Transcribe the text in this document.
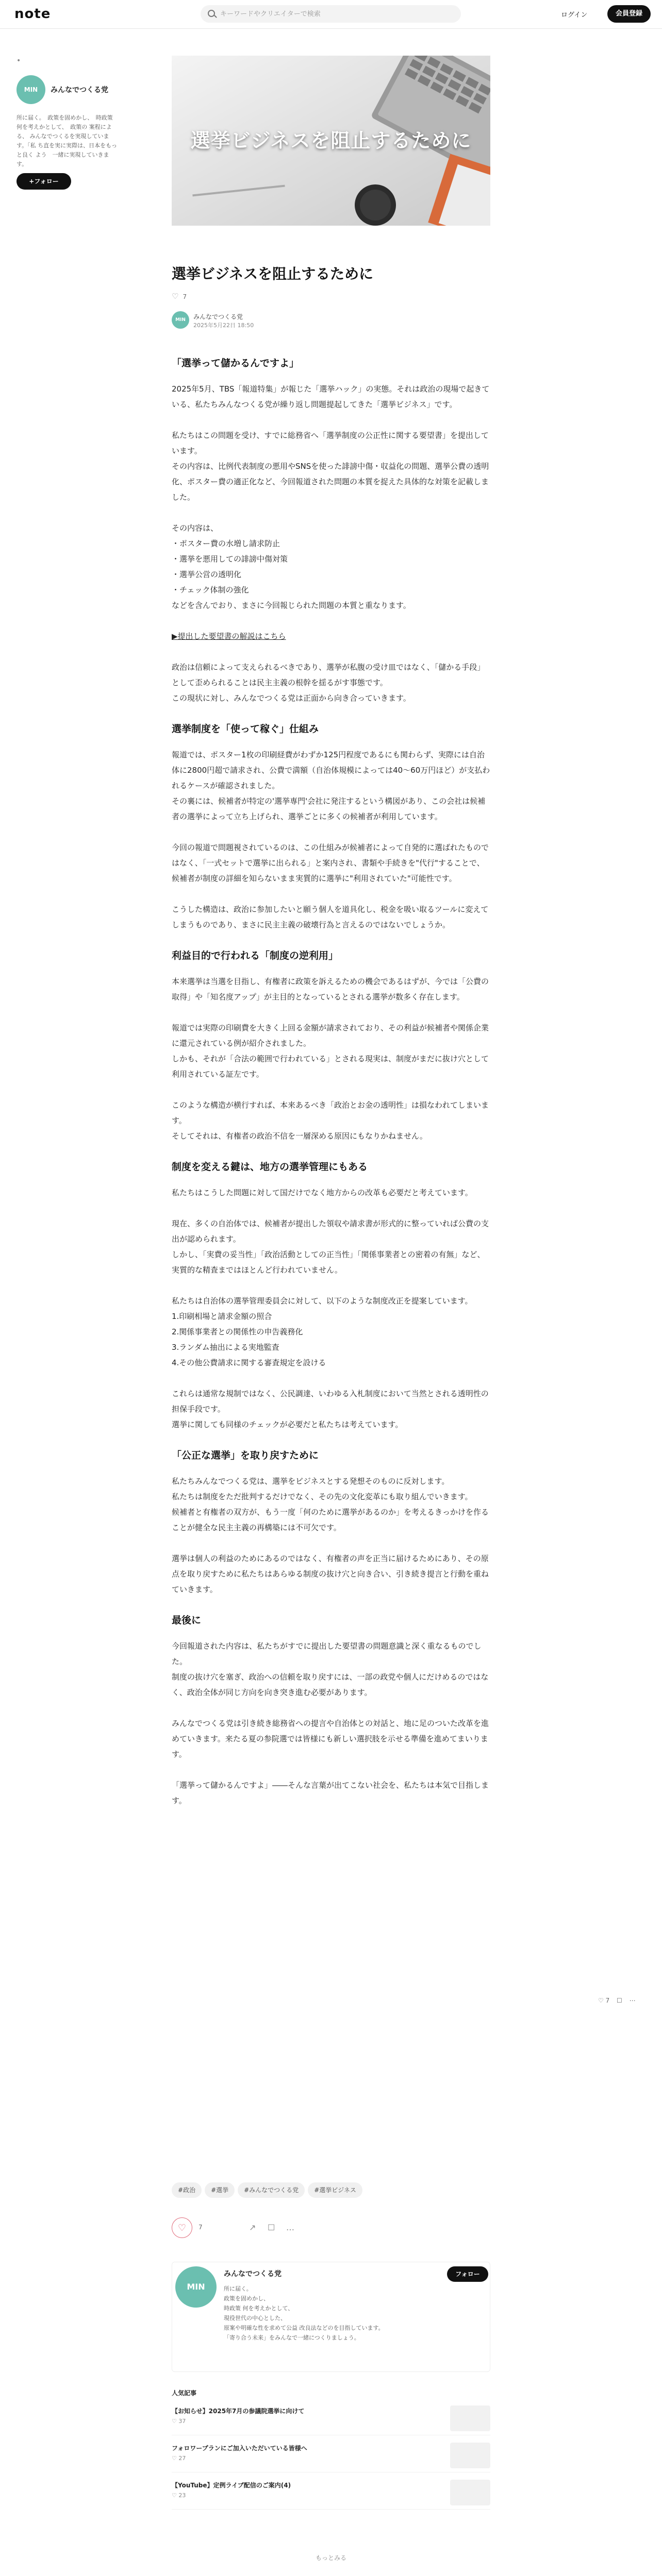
note
キーワードやクリエイターで検索	ログイン	会員登録
•
MIN	みんなでつくる党
所に届く。　政策を固めかし、　時政策 何を考えかとして、　政策の 案程による、 みんなでつくるを実現しています。「私 ち直を実に実際は、日本をもっと良く よう　一緒に実現していきます。
+フォロー
選挙ビジネスを阻止するために
選挙ビジネスを阻止するために
♡ 7
MIN	みんなでつくる党
2025年5月22日 18:50
「選挙って儲かるんですよ」

2025年5月、TBS「報道特集」が報じた「選挙ハック」の実態。それは政治の現場で起きている、私たちみんなつくる党が繰り返し問題提起してきた「選挙ビジネス」です。

私たちはこの問題を受け、すでに総務省へ「選挙制度の公正性に関する要望書」を提出しています。
その内容は、比例代表制度の悪用やSNSを使った誹謗中傷・収益化の問題、選挙公費の透明化、ポスター費の適正化など、今回報道された問題の本質を捉えた具体的な対策を記載しました。

その内容は、
・ポスター費の水増し請求防止
・選挙を悪用しての誹謗中傷対策
・選挙公営の透明化
・チェック体制の強化
などを含んでおり、まさに今回報じられた問題の本質と重なります。

▶提出した要望書の解説はこちら

政治は信頼によって支えられるべきであり、選挙が私腹の受け皿ではなく、「儲かる手段」として歪められることは民主主義の根幹を揺るがす事態です。
この現状に対し、みんなでつくる党は正面から向き合っていきます。

選挙制度を「使って稼ぐ」仕組み

報道では、ポスター1枚の印刷経費がわずか125円程度であるにも関わらず、実際には自治体に2800円超で請求され、公費で満額（自治体規模によっては40〜60万円ほど）が支払われるケースが確認されました。
その裏には、候補者が特定の'選挙専門'会社に発注するという構図があり、この会社は候補者の選挙によって立ち上げられ、選挙ごとに多くの候補者が利用しています。

今回の報道で問題視されているのは、この仕組みが候補者によって自発的に選ばれたものではなく、「一式セットで選挙に出られる」と案内され、書類や手続きを"代行"することで、候補者が制度の詳細を知らないまま実質的に選挙に"利用されていた"可能性です。

こうした構造は、政治に参加したいと願う個人を道具化し、税金を吸い取るツールに変えてしまうものであり、まさに民主主義の破壊行為と言えるのではないでしょうか。

利益目的で行われる「制度の逆利用」

本来選挙は当選を目指し、有権者に政策を訴えるための機会であるはずが、今では「公費の取得」や「知名度アップ」が主目的となっているとされる選挙が数多く存在します。

報道では実際の印刷費を大きく上回る金額が請求されており、その利益が候補者や関係企業に還元されている例が紹介されました。
しかも、それが「合法の範囲で行われている」とされる現実は、制度がまだに抜け穴として利用されている証左です。

このような構造が横行すれば、本来あるべき「政治とお金の透明性」は損なわれてしまいます。
そしてそれは、有権者の政治不信を一層深める原因にもなりかねません。

制度を変える鍵は、地方の選挙管理にもある

私たちはこうした問題に対して国だけでなく地方からの改革も必要だと考えています。

現在、多くの自治体では、候補者が提出した領収や請求書が形式的に整っていれば公費の支出が認められます。
しかし、「実費の妥当性」「政治活動としての正当性」「関係事業者との密着の有無」など、実質的な精査まではほとんど行われていません。

私たちは自治体の選挙管理委員会に対して、以下のような制度改正を提案しています。
1.印刷相場と請求金額の照合
2.関係事業者との関係性の申告義務化
3.ランダム抽出による実地監査
4.その他公費請求に関する審査規定を設ける

これらは通常な規制ではなく、公民調達、いわゆる入札制度において当然とされる透明性の担保手段です。
選挙に関しても同様のチェックが必要だと私たちは考えています。

「公正な選挙」を取り戻すために

私たちみんなでつくる党は、選挙をビジネスとする発想そのものに反対します。
私たちは制度をただ批判するだけでなく、その先の文化変革にも取り組んでいきます。
候補者と有権者の双方が、もう一度「何のために選挙があるのか」を考えるきっかけを作ることが健全な民主主義の再構築には不可欠です。

選挙は個人の利益のためにあるのではなく、有権者の声を正当に届けるためにあり、その原点を取り戻すために私たちはあらゆる制度の抜け穴と向き合い、引き続き提言と行動を重ねていきます。

最後に

今回報道された内容は、私たちがすでに提出した要望書の問題意識と深く重なるものでした。
制度の抜け穴を塞ぎ、政治への信頼を取り戻すには、一部の政党や個人にだけめるのではなく、政治全体が同じ方向を向き突き進む必要があります。

みんなでつくる党は引き続き総務省への提言や自治体との対話と、地に足のついた改革を進めていきます。来たる夏の参院選では皆様にも新しい選択肢を示せる準備を進めてまいります。

「選挙って儲かるんですよ」――そんな言葉が出てこない社会を、私たちは本気で目指します。

#政治	#選挙	#みんなでつくる党	#選挙ビジネス
♡	7	↗ ☐ …
MIN
みんなでつくる党
所に届く。
政策を固めかし、
時政策 何を考えかとして、
現役世代の中心とした、
原案や明確な性を求めて公益 改良法などのを目指しています。
「寄り合う未来」をみんなで一緒につくりましょう。
フォロー
人気記事
【お知らせ】2025年7月の参議院選挙に向けて
♡ 37
フォロワープランにご加入いただいている皆様へ
♡ 27
【YouTube】定例ライブ配信のご案内(4)
♡ 23
もっとみる
♡ 7 ☐ ⋯
